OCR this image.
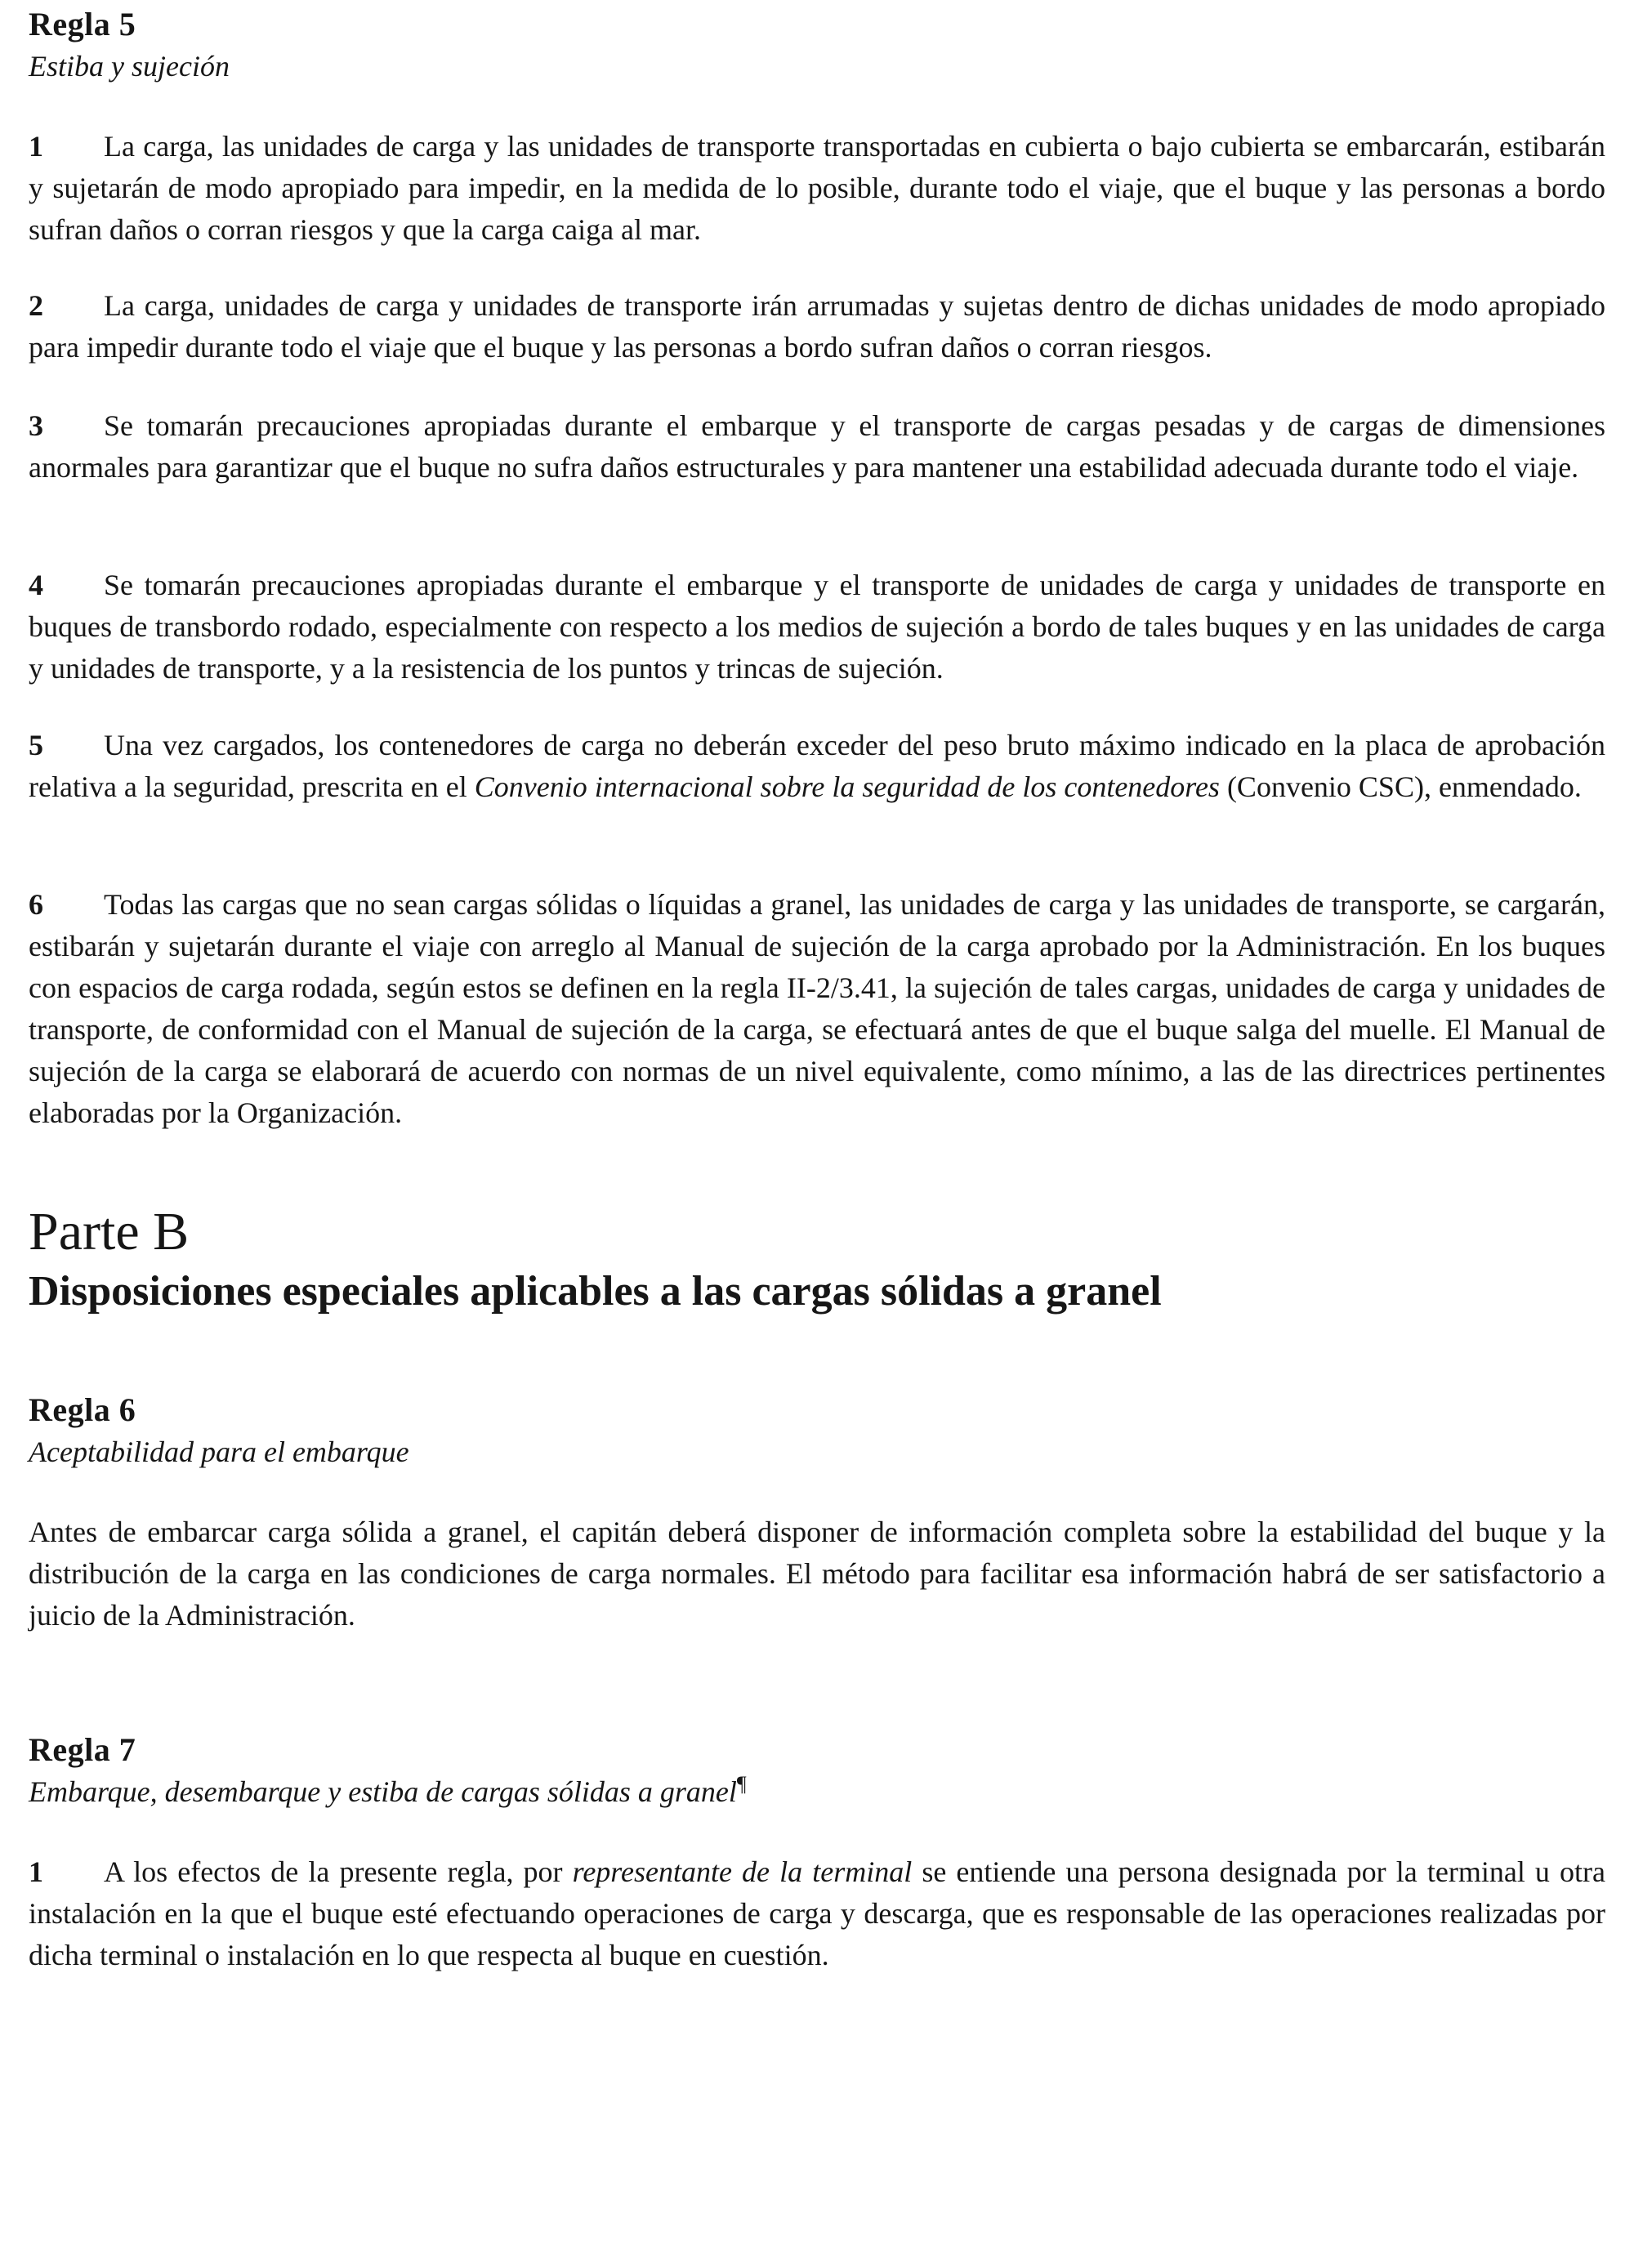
Regla 5
Estiba y sujeción

1 La carga, las unidades de carga y las unidades de transporte transportadas en cubierta o bajo cubierta se embarcarán, estibarán y sujetarán de modo apropiado para impedir, en la medida de lo posible, durante todo el viaje, que el buque y las personas a bordo sufran daños o corran riesgos y que la carga caiga al mar.

2 La carga, unidades de carga y unidades de transporte irán arrumadas y sujetas dentro de dichas unidades de modo apropiado para impedir durante todo el viaje que el buque y las personas a bordo sufran daños o corran riesgos.

3 Se tomarán precauciones apropiadas durante el embarque y el transporte de cargas pesadas y de cargas de dimensiones anormales para garantizar que el buque no sufra daños estructurales y para mantener una estabilidad adecuada durante todo el viaje.

4 Se tomarán precauciones apropiadas durante el embarque y el transporte de unidades de carga y unidades de transporte en buques de transbordo rodado, especialmente con respecto a los medios de sujeción a bordo de tales buques y en las unidades de carga y unidades de transporte, y a la resistencia de los puntos y trincas de sujeción.

5 Una vez cargados, los contenedores de carga no deberán exceder del peso bruto máximo indicado en la placa de aprobación relativa a la seguridad, prescrita en el Convenio internacional sobre la seguridad de los contenedores (Convenio CSC), enmendado.

6 Todas las cargas que no sean cargas sólidas o líquidas a granel, las unidades de carga y las unidades de transporte, se cargarán, estibarán y sujetarán durante el viaje con arreglo al Manual de sujeción de la carga aprobado por la Administración. En los buques con espacios de carga rodada, según estos se definen en la regla II-2/3.41, la sujeción de tales cargas, unidades de carga y unidades de transporte, de conformidad con el Manual de sujeción de la carga, se efectuará antes de que el buque salga del muelle. El Manual de sujeción de la carga se elaborará de acuerdo con normas de un nivel equivalente, como mínimo, a las de las directrices pertinentes elaboradas por la Organización.

Parte B
Disposiciones especiales aplicables a las cargas sólidas a granel
Regla 6
Aceptabilidad para el embarque

Antes de embarcar carga sólida a granel, el capitán deberá disponer de información completa sobre la estabilidad del buque y la distribución de la carga en las condiciones de carga normales. El método para facilitar esa información habrá de ser satisfactorio a juicio de la Administración.

Regla 7
Embarque, desembarque y estiba de cargas sólidas a granel¶

1 A los efectos de la presente regla, por representante de la terminal se entiende una persona designada por la terminal u otra instalación en la que el buque esté efectuando operaciones de carga y descarga, que es responsable de las operaciones realizadas por dicha terminal o instalación en lo que respecta al buque en cuestión.
